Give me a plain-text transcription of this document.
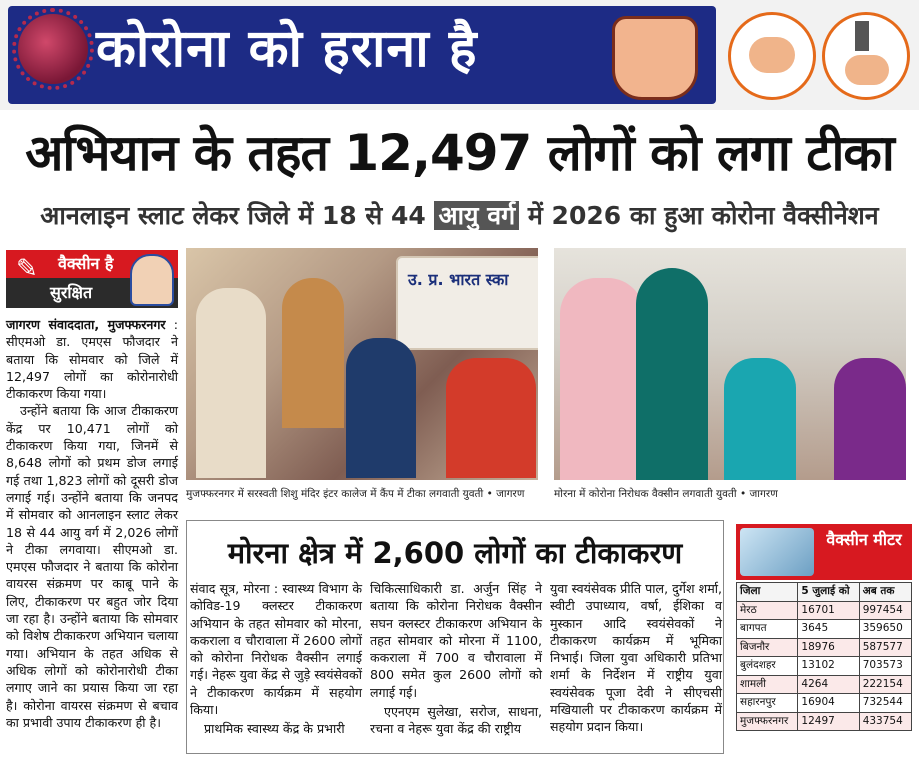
कोरोना को हराना है
अभियान के तहत 12,497 लोगों को लगा टीका
आनलाइन स्लाट लेकर जिले में 18 से 44 आयु वर्ग में 2026 का हुआ कोरोना वैक्सीनेशन
वैक्सीन है
सुरक्षित
✎

जागरण संवाददाता, मुजफ्फरनगर : सीएमओ डा. एमएस फौजदार ने बताया कि सोमवार को जिले में 12,497 लोगों का कोरोनारोधी टीकाकरण किया गया।

उन्होंने बताया कि आज टीकाकरण केंद्र पर 10,471 लोगों को टीकाकरण किया गया, जिनमें से 8,648 लोगों को प्रथम डोज लगाई गई तथा 1,823 लोगों को दूसरी डोज लगाई गई। उन्होंने बताया कि जनपद में सोमवार को आनलाइन स्लाट लेकर 18 से 44 आयु वर्ग में 2,026 लोगों ने टीका लगवाया। सीएमओ डा. एमएस फौजदार ने बताया कि कोरोना वायरस संक्रमण पर काबू पाने के लिए, टीकाकरण पर बहुत जोर दिया जा रहा है। उन्होंने बताया कि सोमवार को विशेष टीकाकरण अभियान चलाया गया। अभियान के तहत अधिक से अधिक लोगों को कोरोनारोधी टीका लगाए जाने का प्रयास किया जा रहा है। कोरोना वायरस संक्रमण से बचाव का प्रभावी उपाय टीकाकरण ही है।

उ. प्र. भारत स्का
मुजफ्फरनगर में सरस्वती शिशु मंदिर इंटर कालेज में कैंप में टीका लगवाती युवती • जागरण	मोरना में कोरोना निरोधक वैक्सीन लगवाती युवती • जागरण
मोरना क्षेत्र में 2,600 लोगों का टीकाकरण

संवाद सूत्र, मोरना : स्वास्थ्य विभाग के कोविड-19 क्लस्टर टीकाकरण अभियान के तहत सोमवार को मोरना, ककराला व चौरावाला में 2600 लोगों को कोरोना निरोधक वैक्सीन लगाई गई। नेहरू युवा केंद्र से जुड़े स्वयंसेवकों ने टीकाकरण कार्यक्रम में सहयोग किया।

प्राथमिक स्वास्थ्य केंद्र के प्रभारी

चिकित्साधिकारी डा. अर्जुन सिंह ने बताया कि कोरोना निरोधक वैक्सीन सघन क्लस्टर टीकाकरण अभियान के तहत सोमवार को मोरना में 1100, ककराला में 700 व चौरावाला में 800 समेत कुल 2600 लोगों को लगाई गई।

एएनएम सुलेखा, सरोज, साधना, रचना व नेहरू युवा केंद्र की राष्ट्रीय

युवा स्वयंसेवक प्रीति पाल, दुर्गेश शर्मा, स्वीटी उपाध्याय, वर्षा, ईशिका व मुस्कान आदि स्वयंसेवकों ने टीकाकरण कार्यक्रम में भूमिका निभाई। जिला युवा अधिकारी प्रतिभा शर्मा के निर्देशन में राष्ट्रीय युवा स्वयंसेवक पूजा देवी ने सीएचसी मखियाली पर टीकाकरण कार्यक्रम में सहयोग प्रदान किया।

वैक्सीन मीटर
जिला	5 जुलाई को	अब तक
मेरठ	16701	997454
बागपत	3645	359650
बिजनौर	18976	587577
बुलंदशहर	13102	703573
शामली	4264	222154
सहारनपुर	16904	732544
मुजफ्फरनगर	12497	433754
